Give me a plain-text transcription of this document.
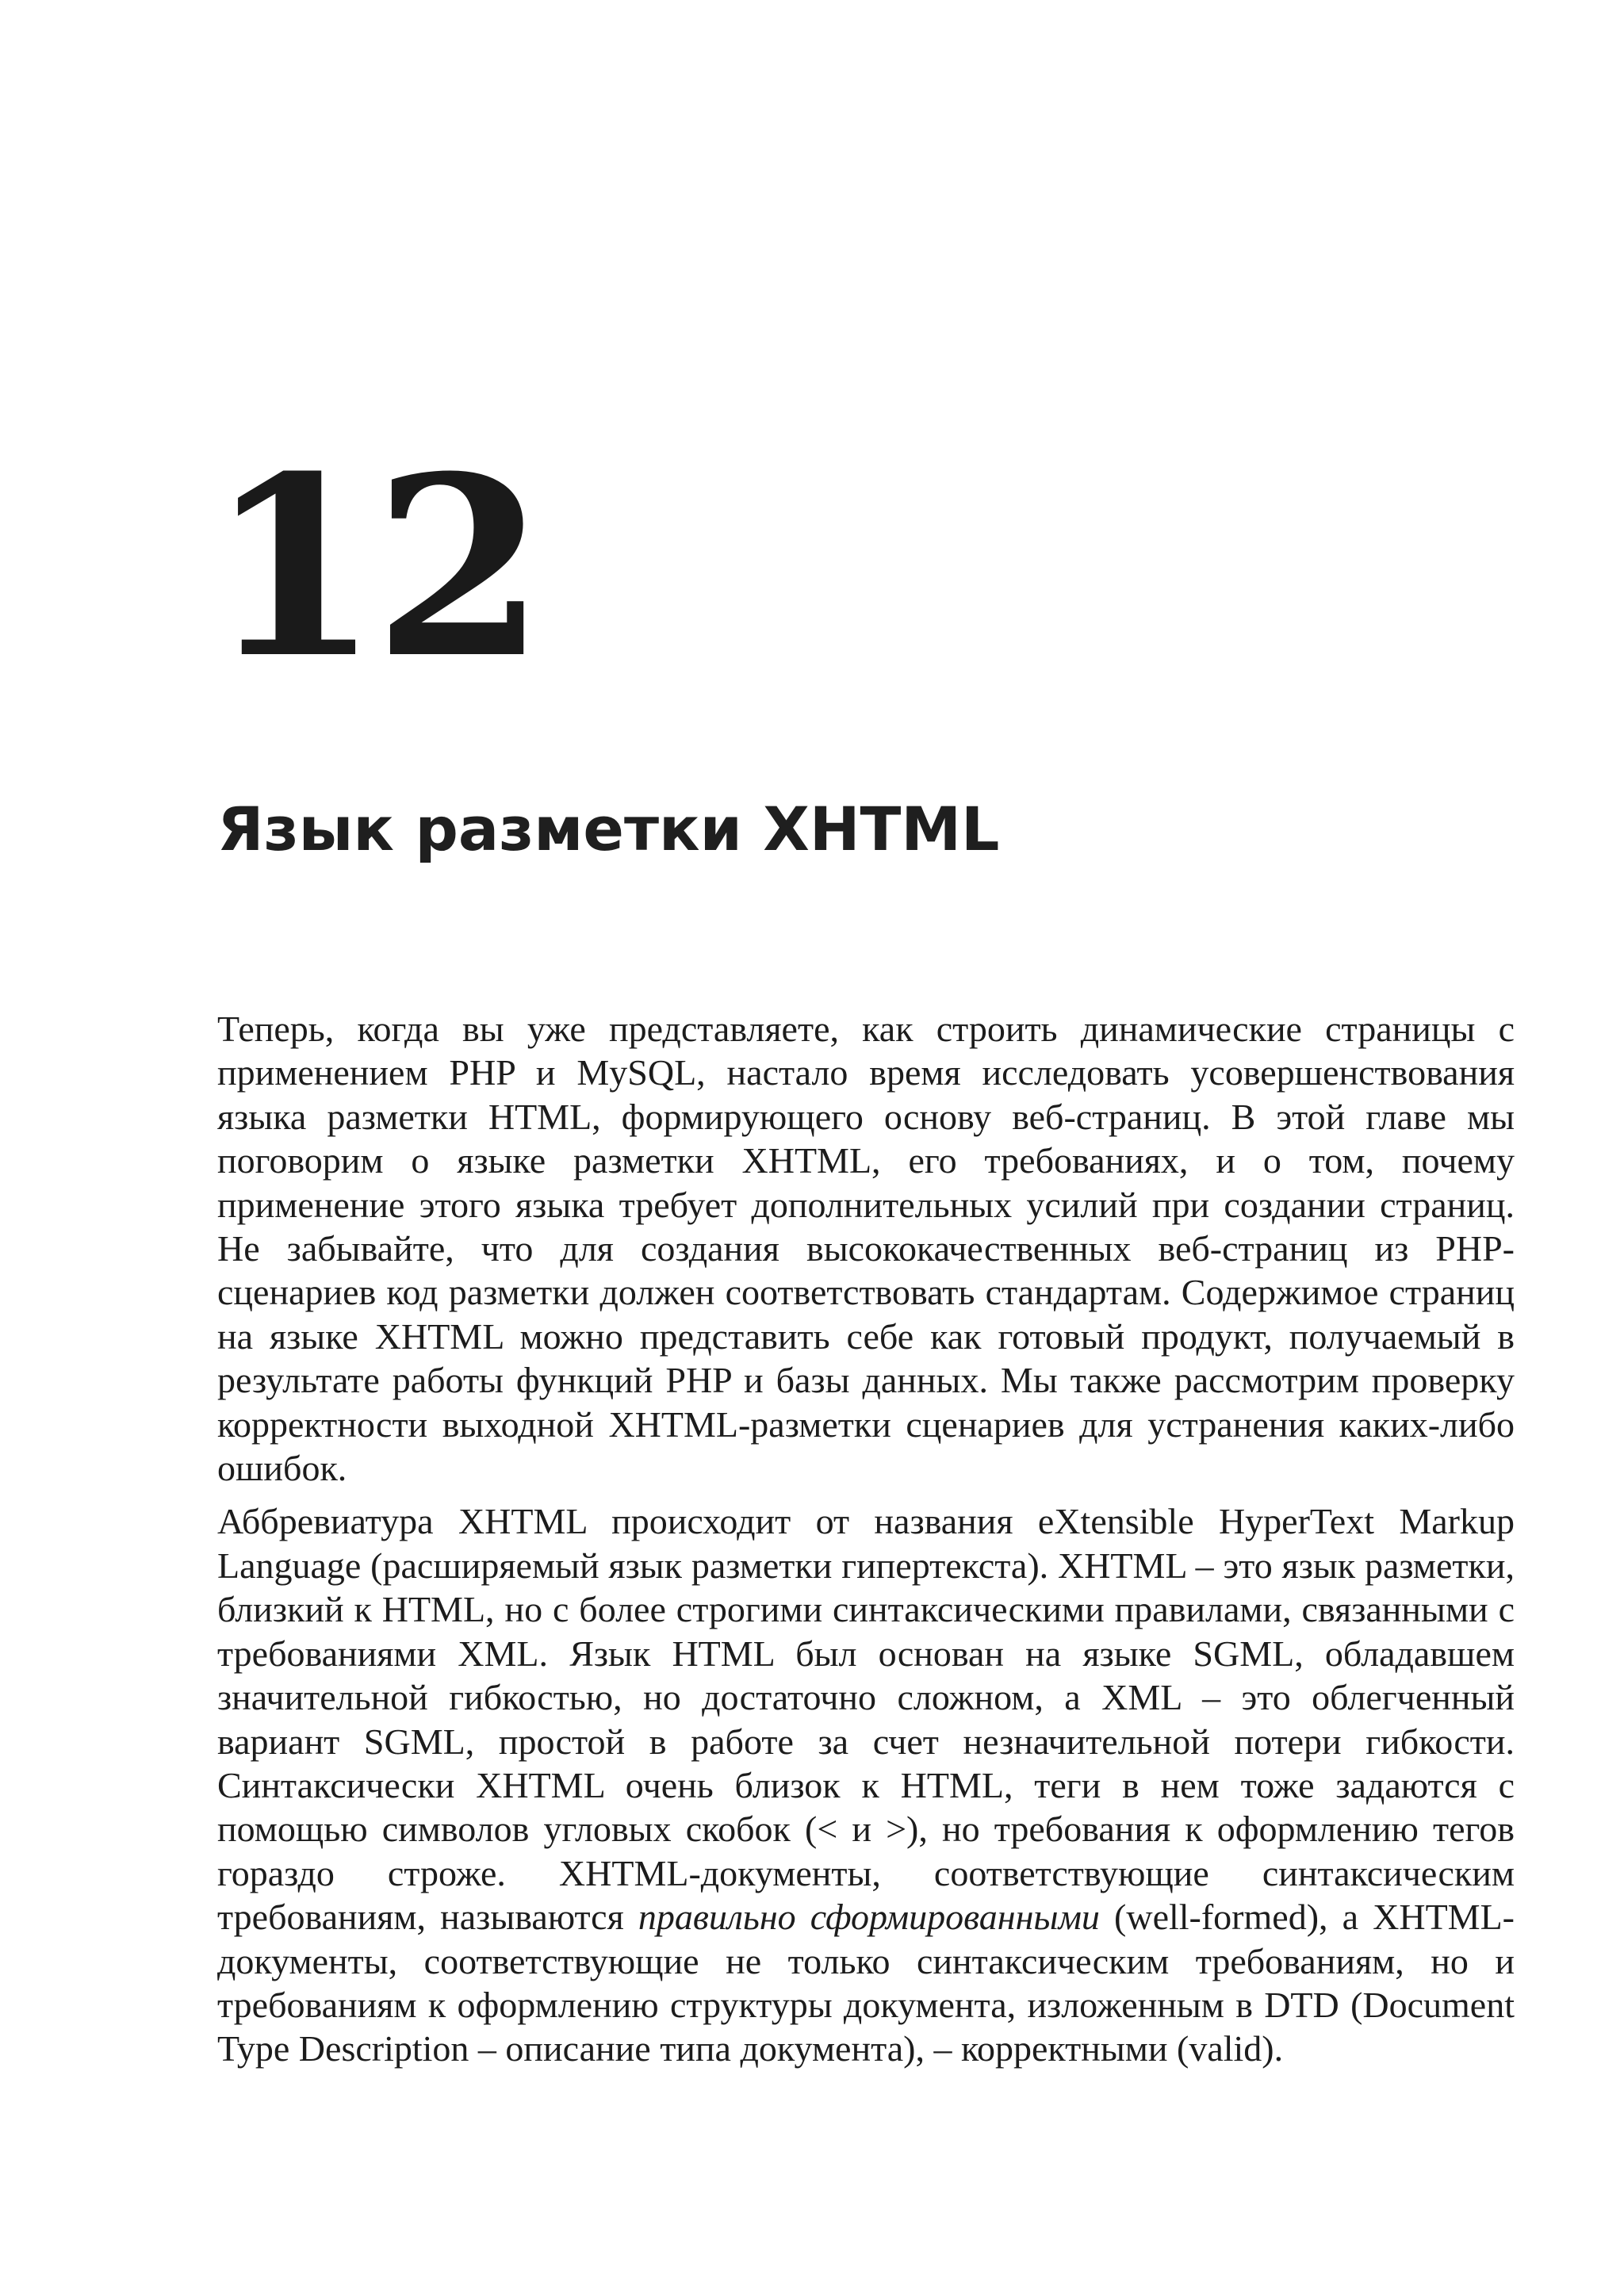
12
Язык разметки XHTML

Теперь, когда вы уже представляете, как строить динамические страницы с применением PHP и MySQL, настало время исследовать усовершенствования языка разметки HTML, формирующего основу веб-страниц. В этой главе мы поговорим о языке разметки XHTML, его требованиях, и о том, почему применение этого языка требует дополнительных усилий при создании страниц. Не забывайте, что для создания высококачественных веб-страниц из PHP-сценариев код разметки должен соответствовать стандартам. Содержимое страниц на языке XHTML можно представить себе как готовый продукт, получаемый в результате работы функций PHP и базы данных. Мы также рассмотрим проверку корректности выходной XHTML-разметки сценариев для устранения каких-либо ошибок.

Аббревиатура XHTML происходит от названия eXtensible HyperText Markup Language (расширяемый язык разметки гипертекста). XHTML – это язык разметки, близкий к HTML, но с более строгими синтаксическими правилами, связанными с требованиями XML. Язык HTML был основан на языке SGML, обладавшем значительной гибкостью, но достаточно сложном, а XML – это облегченный вариант SGML, простой в работе за счет незначительной потери гибкости. Синтаксически XHTML очень близок к HTML, теги в нем тоже задаются с помощью символов угловых скобок (< и >), но требования к оформлению тегов гораздо строже. XHTML-документы, соответствующие синтаксическим требованиям, называются правильно сформированными (well-formed), а XHTML-документы, соответствующие не только синтаксическим требованиям, но и требованиям к оформлению структуры документа, изложенным в DTD (Document Type Description – описание типа документа), – корректными (valid).
